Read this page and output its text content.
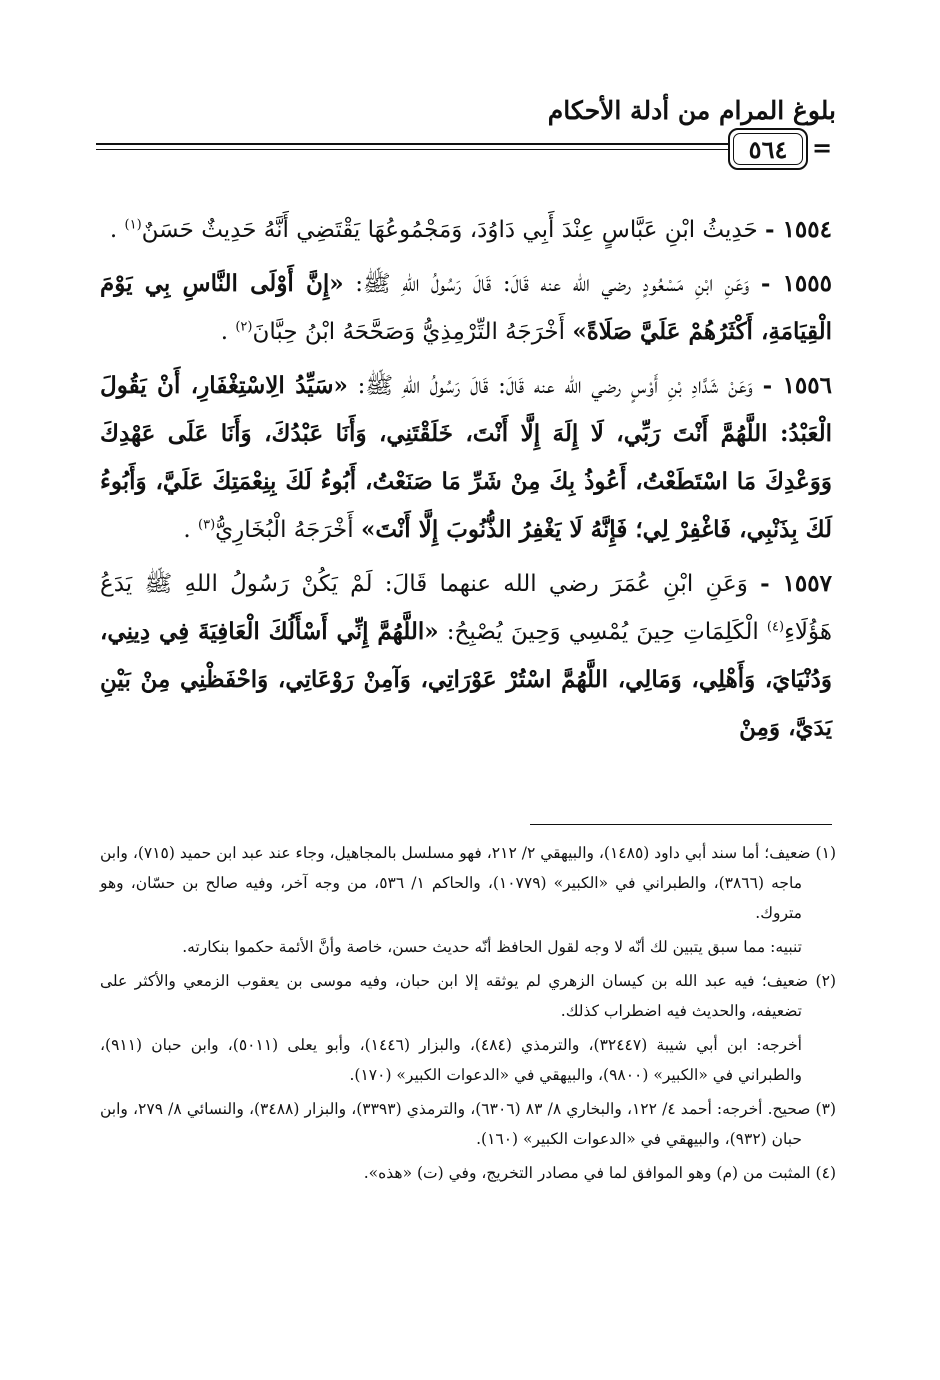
بلوغ المرام من أدلة الأحكام
٥٦٤	=

١٥٥٤ - حَدِيثُ ابْنِ عَبَّاسٍ عِنْدَ أَبِي دَاوُدَ، وَمَجْمُوعُهَا يَقْتَضِي أَنَّهُ حَدِيثٌ حَسَنٌ$^{(١)}$ .

١٥٥٥ - وَعَنِ ابْنِ مَسْعُودٍ رضي الله عنه قَالَ: قَالَ رَسُولُ اللهِ ﷺ: «إِنَّ أَوْلَى النَّاسِ بِي يَوْمَ الْقِيَامَةِ، أَكْثَرُهُمْ عَلَيَّ صَلَاةً» أَخْرَجَهُ التِّرْمِذِيُّ وَصَحَّحَهُ ابْنُ حِبَّانَ$^{(٢)}$ .

١٥٥٦ - وَعَنْ شَدَّادِ بْنِ أَوْسٍ رضي الله عنه قَالَ: قَالَ رَسُولُ اللهِ ﷺ: «سَيِّدُ الِاسْتِغْفَارِ، أَنْ يَقُولَ الْعَبْدُ: اللَّهُمَّ أَنْتَ رَبِّي، لَا إِلَهَ إِلَّا أَنْتَ، خَلَقْتَنِي، وَأَنَا عَبْدُكَ، وَأَنَا عَلَى عَهْدِكَ وَوَعْدِكَ مَا اسْتَطَعْتُ، أَعُوذُ بِكَ مِنْ شَرِّ مَا صَنَعْتُ، أَبُوءُ لَكَ بِنِعْمَتِكَ عَلَيَّ، وَأَبُوءُ لَكَ بِذَنْبِي، فَاغْفِرْ لِي؛ فَإِنَّهُ لَا يَغْفِرُ الذُّنُوبَ إِلَّا أَنْتَ» أَخْرَجَهُ الْبُخَارِيُّ$^{(٣)}$ .

١٥٥٧ - وَعَنِ ابْنِ عُمَرَ رضي الله عنهما قَالَ: لَمْ يَكُنْ رَسُولُ اللهِ ﷺ يَدَعُ هَؤُلَاءِ$^{(٤)}$ الْكَلِمَاتِ حِينَ يُمْسِي وَحِينَ يُصْبِحُ: «اللَّهُمَّ إِنِّي أَسْأَلُكَ الْعَافِيَةَ فِي دِينِي، وَدُنْيَايَ، وَأَهْلِي، وَمَالِي، اللَّهُمَّ اسْتُرْ عَوْرَاتِي، وَآمِنْ رَوْعَاتِي، وَاحْفَظْنِي مِنْ بَيْنِ يَدَيَّ، وَمِنْ

(١) ضعيف؛ أما سند أبي داود (١٤٨٥)، والبيهقي ٢/ ٢١٢، فهو مسلسل بالمجاهيل، وجاء عند عبد ابن حميد (٧١٥)، وابن ماجه (٣٨٦٦)، والطبراني في «الكبير» (١٠٧٧٩)، والحاكم ١/ ٥٣٦، من وجه آخر، وفيه صالح بن حسّان، وهو متروك.

تنبيه: مما سبق يتبين لك أنّه لا وجه لقول الحافظ أنّه حديث حسن، خاصة وأنَّ الأئمة حكموا بنكارته.

(٢) ضعيف؛ فيه عبد الله بن كيسان الزهري لم يوثقه إلا ابن حبان، وفيه موسى بن يعقوب الزمعي والأكثر على تضعيفه، والحديث فيه اضطراب كذلك.

أخرجه: ابن أبي شيبة (٣٢٤٤٧)، والترمذي (٤٨٤)، والبزار (١٤٤٦)، وأبو يعلى (٥٠١١)، وابن حبان (٩١١)، والطبراني في «الكبير» (٩٨٠٠)، والبيهقي في «الدعوات الكبير» (١٧٠).

(٣) صحيح. أخرجه: أحمد ٤/ ١٢٢، والبخاري ٨/ ٨٣ (٦٣٠٦)، والترمذي (٣٣٩٣)، والبزار (٣٤٨٨)، والنسائي ٨/ ٢٧٩، وابن حبان (٩٣٢)، والبيهقي في «الدعوات الكبير» (١٦٠).

(٤) المثبت من (م) وهو الموافق لما في مصادر التخريج، وفي (ت) «هذه».
